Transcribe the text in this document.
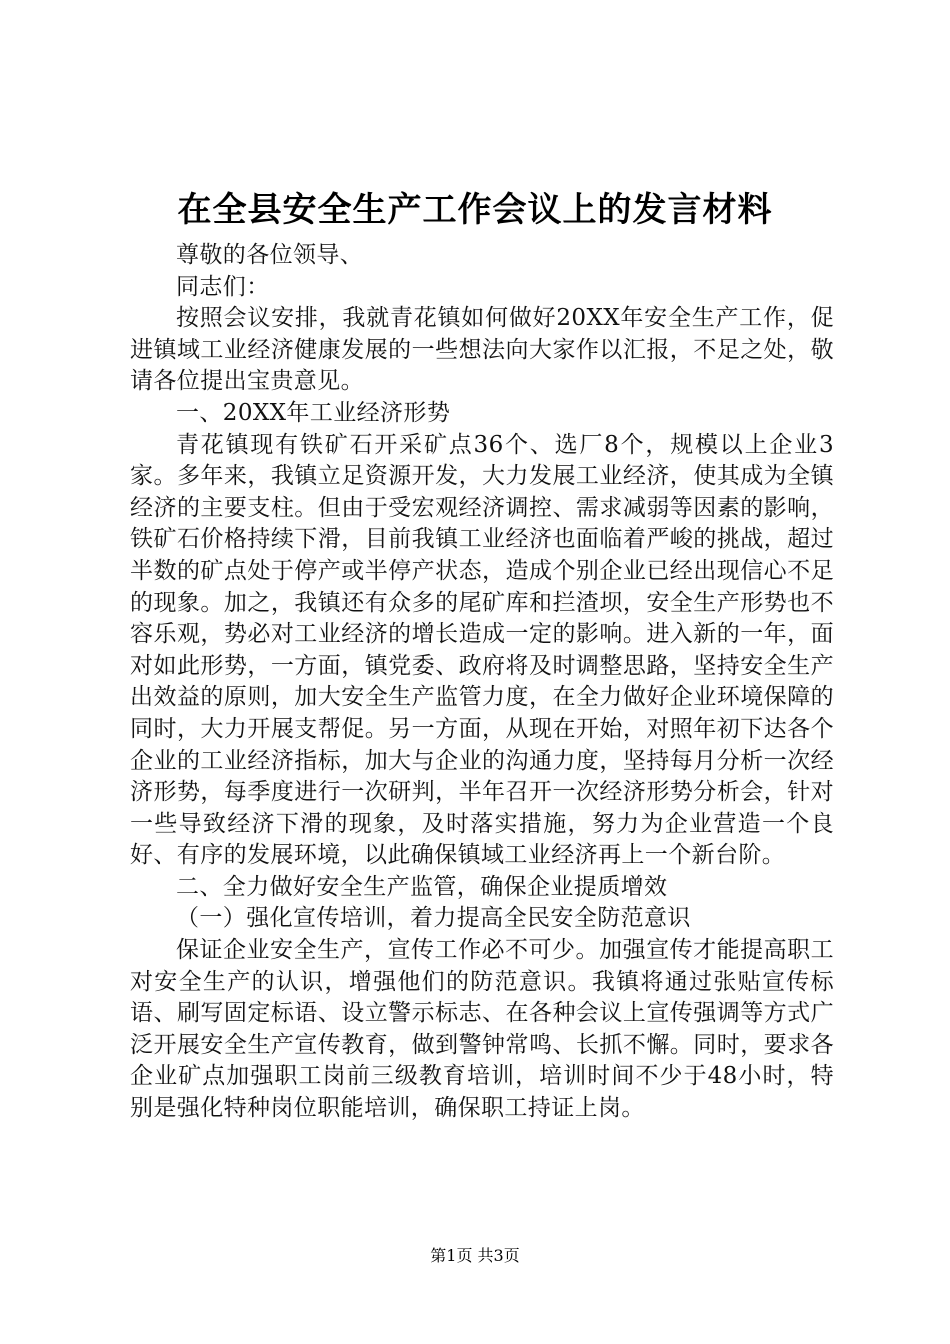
在全县安全生产工作会议上的发言材料

尊敬的各位领导、

同志们：

按照会议安排，我就青花镇如何做好20XX年安全生产工作，促进镇域工业经济健康发展的一些想法向大家作以汇报，不足之处，敬请各位提出宝贵意见。

一、20XX年工业经济形势

青花镇现有铁矿石开采矿点36个、选厂8个，规模以上企业3家。多年来，我镇立足资源开发，大力发展工业经济，使其成为全镇经济的主要支柱。但由于受宏观经济调控、需求减弱等因素的影响，铁矿石价格持续下滑，目前我镇工业经济也面临着严峻的挑战，超过半数的矿点处于停产或半停产状态，造成个别企业已经出现信心不足的现象。加之，我镇还有众多的尾矿库和拦渣坝，安全生产形势也不容乐观，势必对工业经济的增长造成一定的影响。进入新的一年，面对如此形势，一方面，镇党委、政府将及时调整思路，坚持安全生产出效益的原则，加大安全生产监管力度，在全力做好企业环境保障的同时，大力开展支帮促。另一方面，从现在开始，对照年初下达各个企业的工业经济指标，加大与企业的沟通力度，坚持每月分析一次经济形势，每季度进行一次研判，半年召开一次经济形势分析会，针对一些导致经济下滑的现象，及时落实措施，努力为企业营造一个良好、有序的发展环境，以此确保镇域工业经济再上一个新台阶。

二、全力做好安全生产监管，确保企业提质增效

（一）强化宣传培训，着力提高全民安全防范意识

保证企业安全生产，宣传工作必不可少。加强宣传才能提高职工对安全生产的认识，增强他们的防范意识。我镇将通过张贴宣传标语、刷写固定标语、设立警示标志、在各种会议上宣传强调等方式广泛开展安全生产宣传教育，做到警钟常鸣、长抓不懈。同时，要求各企业矿点加强职工岗前三级教育培训，培训时间不少于48小时，特别是强化特种岗位职能培训，确保职工持证上岗。

第1页 共3页
